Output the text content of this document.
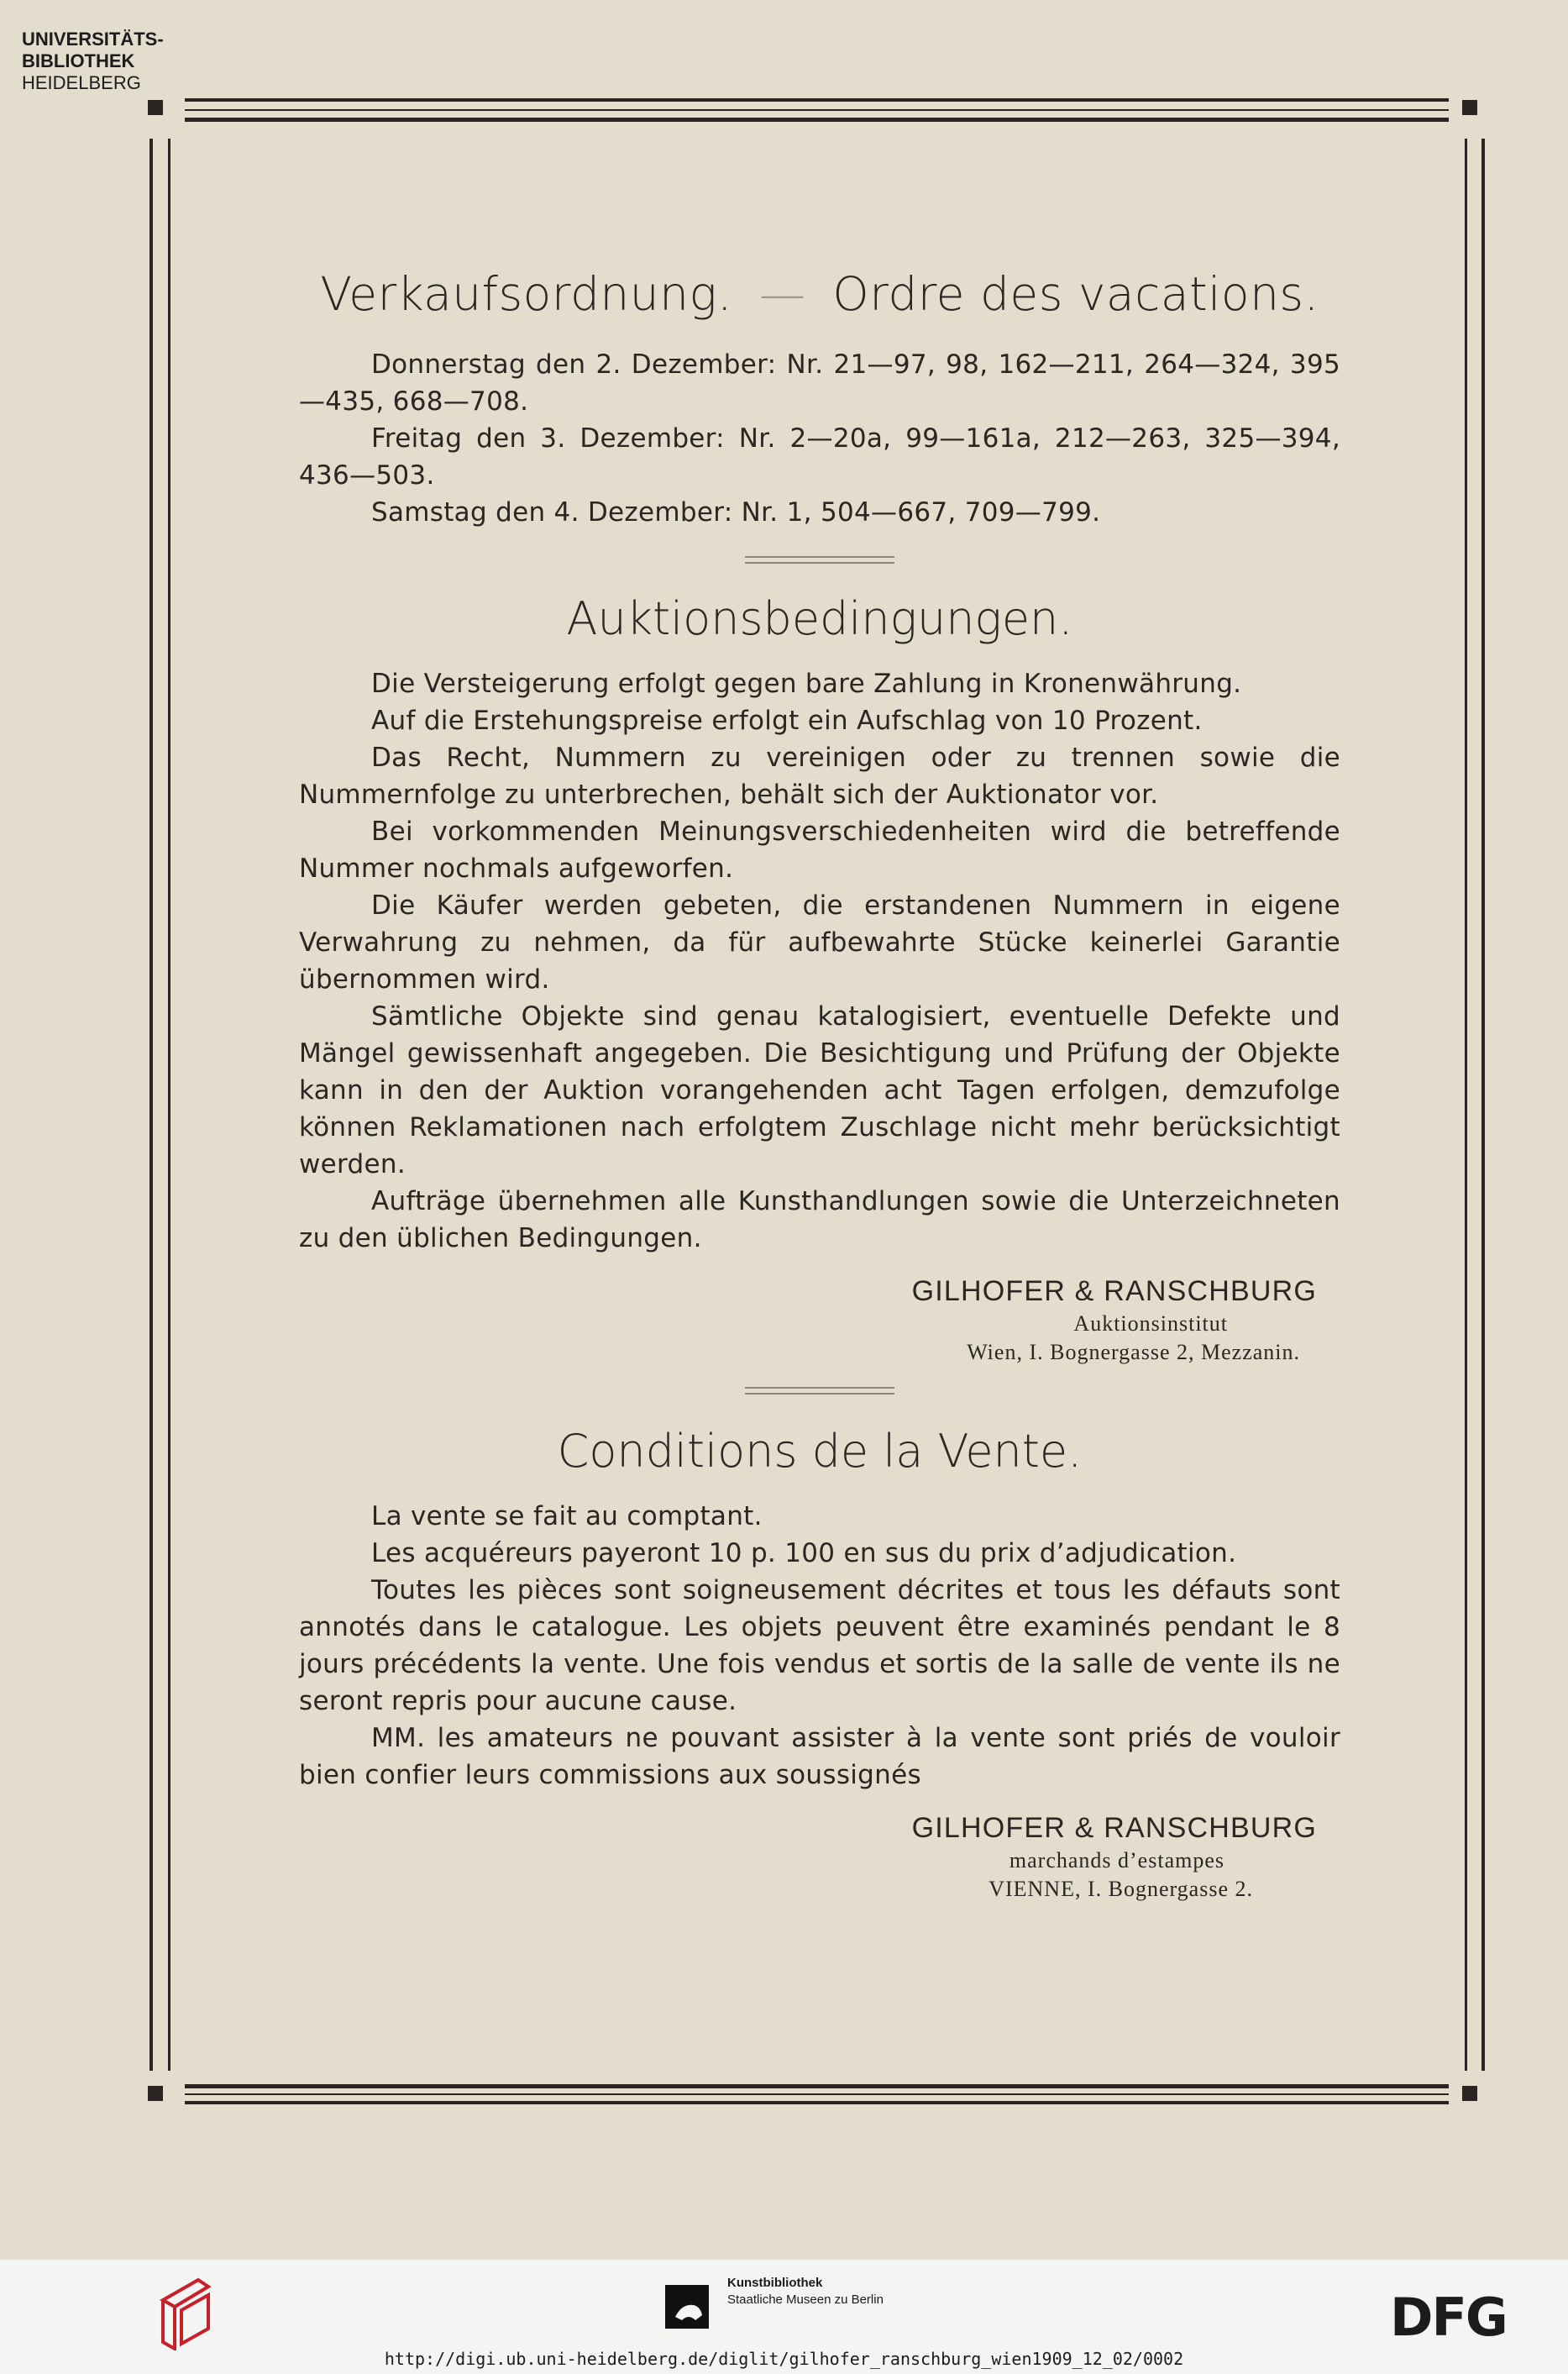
Verkaufsordnung. — Ordre des vacations.

Donnerstag den 2. Dezember: Nr. 21—97, 98, 162—211, 264—324, 395—435, 668—708.

Freitag den 3. Dezember: Nr. 2—20a, 99—161a, 212—263, 325—394, 436—503.

Samstag den 4. Dezember: Nr. 1, 504—667, 709—799.

Auktionsbedingungen.

Die Versteigerung erfolgt gegen bare Zahlung in Kronenwährung.

Auf die Erstehungspreise erfolgt ein Aufschlag von 10 Prozent.

Das Recht, Nummern zu vereinigen oder zu trennen sowie die Nummernfolge zu unterbrechen, behält sich der Auktionator vor.

Bei vorkommenden Meinungsverschiedenheiten wird die betreffende Nummer nochmals aufgeworfen.

Die Käufer werden gebeten, die erstandenen Nummern in eigene Verwahrung zu nehmen, da für aufbewahrte Stücke keinerlei Garantie übernommen wird.

Sämtliche Objekte sind genau katalogisiert, eventuelle Defekte und Mängel gewissenhaft angegeben. Die Besichtigung und Prüfung der Objekte kann in den der Auktion vorangehenden acht Tagen erfolgen, demzufolge können Reklamationen nach erfolgtem Zuschlage nicht mehr berücksichtigt werden.

Aufträge übernehmen alle Kunsthandlungen sowie die Unterzeichneten zu den üblichen Bedingungen.

GILHOFER & RANSCHBURG
Auktionsinstitut
Wien, I. Bognergasse 2, Mezzanin.
Conditions de la Vente.

La vente se fait au comptant.

Les acquéreurs payeront 10 p. 100 en sus du prix d’adjudication.

Toutes les pièces sont soigneusement décrites et tous les défauts sont annotés dans le catalogue. Les objets peuvent être examinés pendant le 8 jours précédents la vente. Une fois vendus et sortis de la salle de vente ils ne seront repris pour aucune cause.

MM. les amateurs ne pouvant assister à la vente sont priés de vouloir bien confier leurs commissions aux soussignés

GILHOFER & RANSCHBURG
marchands d’estampes
VIENNE, I. Bognergasse 2.
UNIVERSITÄTS-
BIBLIOTHEK
HEIDELBERG
Kunstbibliothek
Staatliche Museen zu Berlin	DFG
http://digi.ub.uni-heidelberg.de/diglit/gilhofer_ranschburg_wien1909_12_02/0002
